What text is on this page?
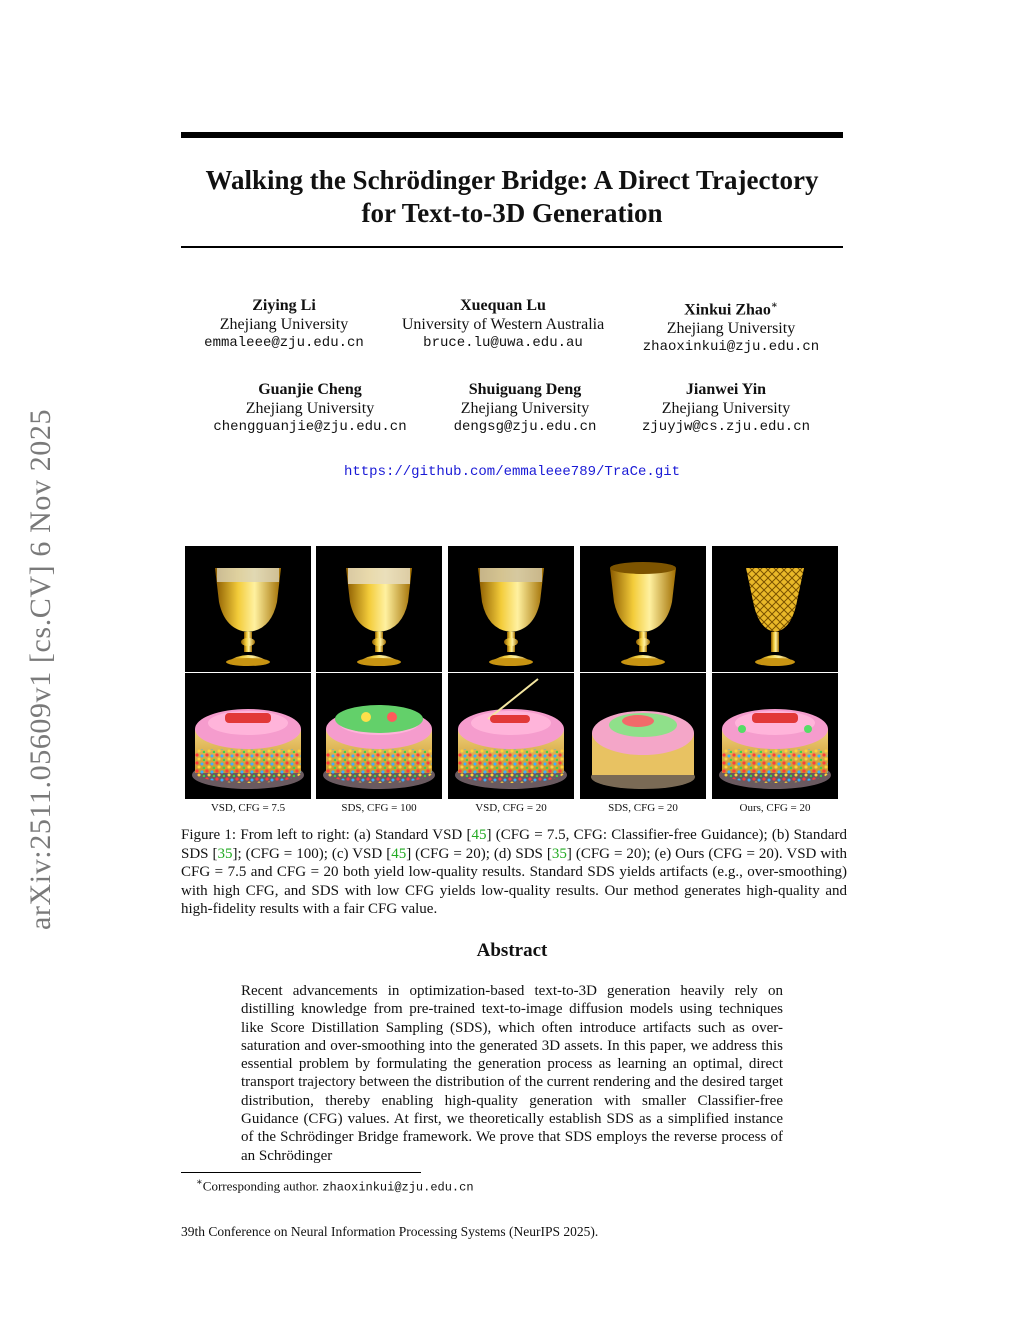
arXiv:2511.05609v1 [cs.CV] 6 Nov 2025
Walking the Schrödinger Bridge: A Direct Trajectory
for Text-to-3D Generation
Ziying Li
Zhejiang University
emmaleee@zju.edu.cn
Xuequan Lu
University of Western Australia
bruce.lu@uwa.edu.au
Xinkui Zhao∗
Zhejiang University
zhaoxinkui@zju.edu.cn
Guanjie Cheng
Zhejiang University
chengguanjie@zju.edu.cn
Shuiguang Deng
Zhejiang University
dengsg@zju.edu.cn
Jianwei Yin
Zhejiang University
zjuyjw@cs.zju.edu.cn
https://github.com/emmaleee789/TraCe.git
VSD, CFG = 7.5	SDS, CFG = 100	VSD, CFG = 20	SDS, CFG = 20	Ours, CFG = 20
Figure 1: From left to right: (a) Standard VSD [45] (CFG = 7.5, CFG: Classifier-free Guidance); (b) Standard SDS [35]; (CFG = 100); (c) VSD [45] (CFG = 20); (d) SDS [35] (CFG = 20); (e) Ours (CFG = 20). VSD with CFG = 7.5 and CFG = 20 both yield low-quality results. Standard SDS yields artifacts (e.g., over-smoothing) with high CFG, and SDS with low CFG yields low-quality results. Our method generates high-quality and high-fidelity results with a fair CFG value.
Abstract
Recent advancements in optimization-based text-to-3D generation heavily rely on distilling knowledge from pre-trained text-to-image diffusion models using techniques like Score Distillation Sampling (SDS), which often introduce artifacts such as over-saturation and over-smoothing into the generated 3D assets. In this paper, we address this essential problem by formulating the generation process as learning an optimal, direct transport trajectory between the distribution of the current rendering and the desired target distribution, thereby enabling high-quality generation with smaller Classifier-free Guidance (CFG) values. At first, we theoretically establish SDS as a simplified instance of the Schrödinger Bridge framework. We prove that SDS employs the reverse process of an Schrödinger
∗Corresponding author. zhaoxinkui@zju.edu.cn
39th Conference on Neural Information Processing Systems (NeurIPS 2025).
